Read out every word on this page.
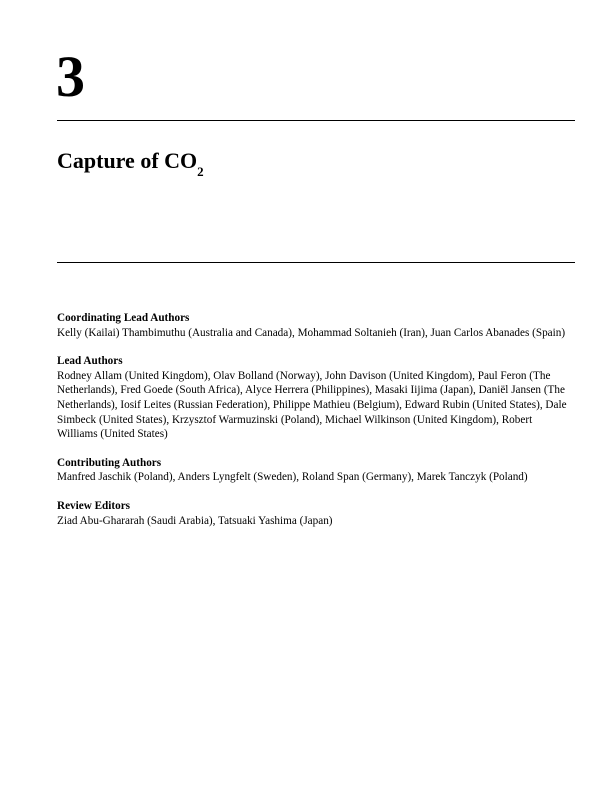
3
Capture of $CO_2$

Coordinating Lead Authors

Kelly (Kailai) Thambimuthu (Australia and Canada), Mohammad Soltanieh (Iran), Juan Carlos Abanades (Spain)

Lead Authors

Rodney Allam (United Kingdom), Olav Bolland (Norway), John Davison (United Kingdom), Paul Feron (The Netherlands), Fred Goede (South Africa), Alyce Herrera (Philippines), Masaki Iijima (Japan), Daniël Jansen (The Netherlands), Iosif Leites (Russian Federation), Philippe Mathieu (Belgium), Edward Rubin (United States), Dale Simbeck (United States), Krzysztof Warmuzinski (Poland), Michael Wilkinson (United Kingdom), Robert Williams (United States)

Contributing Authors

Manfred Jaschik (Poland), Anders Lyngfelt (Sweden), Roland Span (Germany), Marek Tanczyk (Poland)

Review Editors

Ziad Abu-Ghararah (Saudi Arabia), Tatsuaki Yashima (Japan)
